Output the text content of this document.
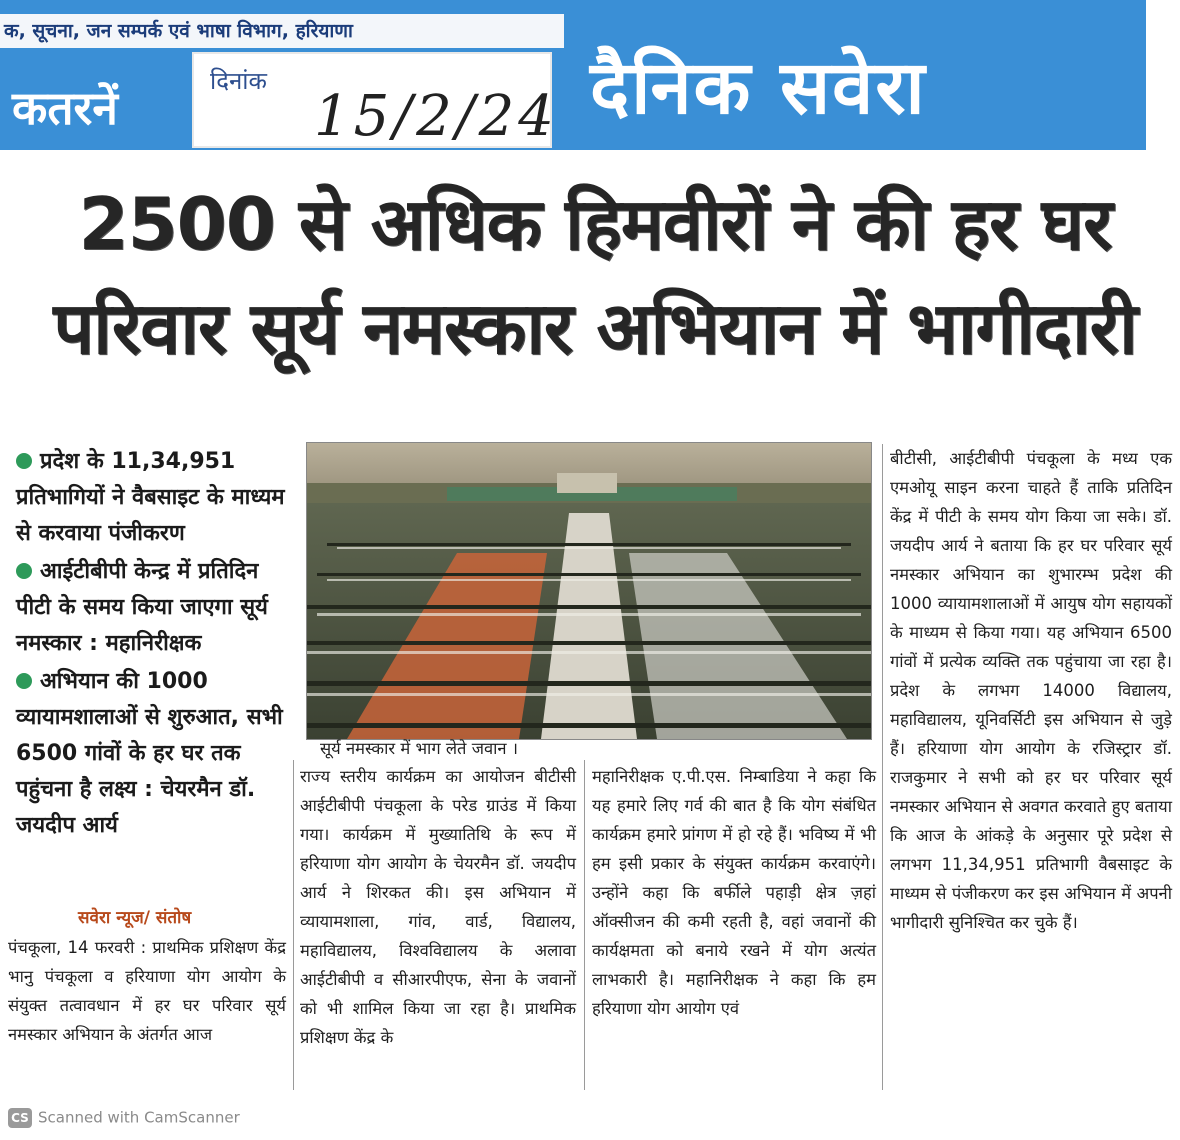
क, सूचना, जन सम्पर्क एवं भाषा विभाग, हरियाणा
कतरनें	दिनांक
15/2/24 दैनिक सवेरा
2500 से अधिक हिमवीरों ने की हर घर
परिवार सूर्य नमस्कार अभियान में भागीदारी
प्रदेश के 11,34,951 प्रतिभागियों ने वैबसाइट के माध्यम से करवाया पंजीकरण
आईटीबीपी केन्द्र में प्रतिदिन पीटी के समय किया जाएगा सूर्य नमस्कार : महानिरीक्षक
अभियान की 1000 व्यायामशालाओं से शुरुआत, सभी 6500 गांवों के हर घर तक पहुंचना है लक्ष्य : चेयरमैन डॉ. जयदीप आर्य
सवेरा न्यूज/ संतोष
सूर्य नमस्कार में भाग लेते जवान ।
पंचकूला, 14 फरवरी : प्राथमिक प्रशिक्षण केंद्र भानु पंचकूला व हरियाणा योग आयोग के संयुक्त तत्वावधान में हर घर परिवार सूर्य नमस्कार अभियान के अंतर्गत आज
राज्य स्तरीय कार्यक्रम का आयोजन बीटीसी आईटीबीपी पंचकूला के परेड ग्राउंड में किया गया। कार्यक्रम में मुख्यातिथि के रूप में हरियाणा योग आयोग के चेयरमैन डॉ. जयदीप आर्य ने शिरकत की। इस अभियान में व्यायामशाला, गांव, वार्ड, विद्यालय, महाविद्यालय, विश्वविद्यालय के अलावा आईटीबीपी व सीआरपीएफ, सेना के जवानों को भी शामिल किया जा रहा है। प्राथमिक प्रशिक्षण केंद्र के
महानिरीक्षक ए.पी.एस. निम्बाडिया ने कहा कि यह हमारे लिए गर्व की बात है कि योग संबंधित कार्यक्रम हमारे प्रांगण में हो रहे हैं। भविष्य में भी हम इसी प्रकार के संयुक्त कार्यक्रम करवाएंगे। उन्होंने कहा कि बर्फीले पहाड़ी क्षेत्र ज़हां ऑक्सीजन की कमी रहती है, वहां जवानों की कार्यक्षमता को बनाये रखने में योग अत्यंत लाभकारी है। महानिरीक्षक ने कहा कि हम हरियाणा योग आयोग एवं
बीटीसी, आईटीबीपी पंचकूला के मध्य एक एमओयू साइन करना चाहते हैं ताकि प्रतिदिन केंद्र में पीटी के समय योग किया जा सके। डॉ. जयदीप आर्य ने बताया कि हर घर परिवार सूर्य नमस्कार अभियान का शुभारम्भ प्रदेश की 1000 व्यायामशालाओं में आयुष योग सहायकों के माध्यम से किया गया। यह अभियान 6500 गांवों में प्रत्येक व्यक्ति तक पहुंचाया जा रहा है। प्रदेश के लगभग 14000 विद्यालय, महाविद्यालय, यूनिवर्सिटी इस अभियान से जुड़े हैं। हरियाणा योग आयोग के रजिस्ट्रार डॉ. राजकुमार ने सभी को हर घर परिवार सूर्य नमस्कार अभियान से अवगत करवाते हुए बताया कि आज के आंकड़े के अनुसार पूरे प्रदेश से लगभग 11,34,951 प्रतिभागी वैबसाइट के माध्यम से पंजीकरण कर इस अभियान में अपनी भागीदारी सुनिश्चित कर चुके हैं।
CS Scanned with CamScanner
